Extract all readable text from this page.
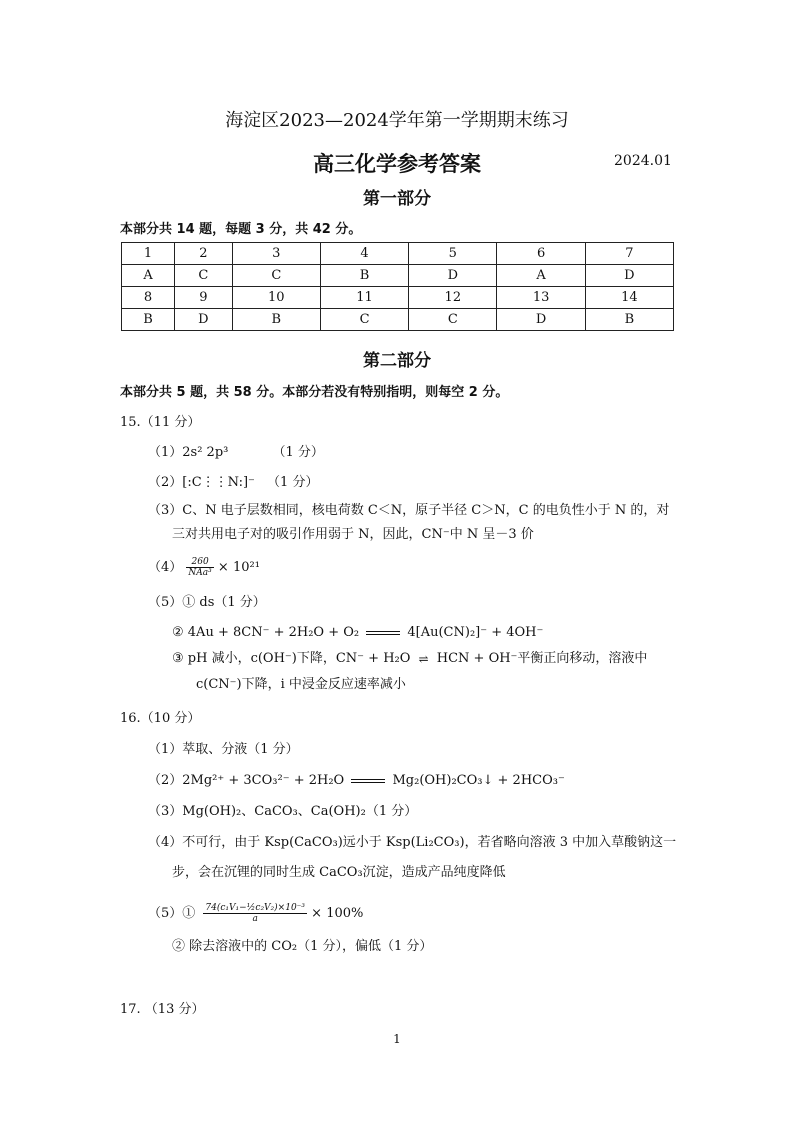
海淀区2023—2024学年第一学期期末练习
高三化学参考答案	2024.01
第一部分
本部分共 14 题，每题 3 分，共 42 分。
1	2	3	4	5	6	7
A	C	C	B	D	A	D
8	9	10	11	12	13	14
B	D	B	C	C	D	B
第二部分
本部分共 5 题，共 58 分。本部分若没有特别指明，则每空 2 分。
15.（11 分）
（1）2s² 2p³	（1 分）
（2）[:C⋮⋮N:]⁻ （1 分）
（3）C、N 电子层数相同，核电荷数 C＜N，原子半径 C＞N，C 的电负性小于 N 的，对
三对共用电子对的吸引作用弱于 N，因此，CN⁻中 N 呈－3 价
$(4) \frac{260}{\text{NAa³}} \times 10^{21}$
（5）① ds（1 分）
② 4Au + 8CN⁻ + 2H₂O + O₂	4[Au(CN)₂]⁻ + 4OH⁻
③ pH 减小，c(OH⁻)下降，CN⁻ + H₂O ⇌ HCN + OH⁻平衡正向移动，溶液中
c(CN⁻)下降，i 中浸金反应速率减小
16.（10 分）
（1）萃取、分液（1 分）
（2）2Mg²⁺ + 3CO₃²⁻ + 2H₂O	Mg₂(OH)₂CO₃↓ + 2HCO₃⁻
（3）Mg(OH)₂、CaCO₃、Ca(OH)₂（1 分）
（4）不可行，由于 Ksp(CaCO₃)远小于 Ksp(Li₂CO₃)，若省略向溶液 3 中加入草酸钠这一
步，会在沉锂的同时生成 CaCO₃沉淀，造成产品纯度降低
（5）① $\frac{\text{74(c₁V₁−½c₂V₂)×10⁻³}}{a} \times 100\%$
② 除去溶液中的 CO₂（1 分），偏低（1 分）
17. （13 分）
1
